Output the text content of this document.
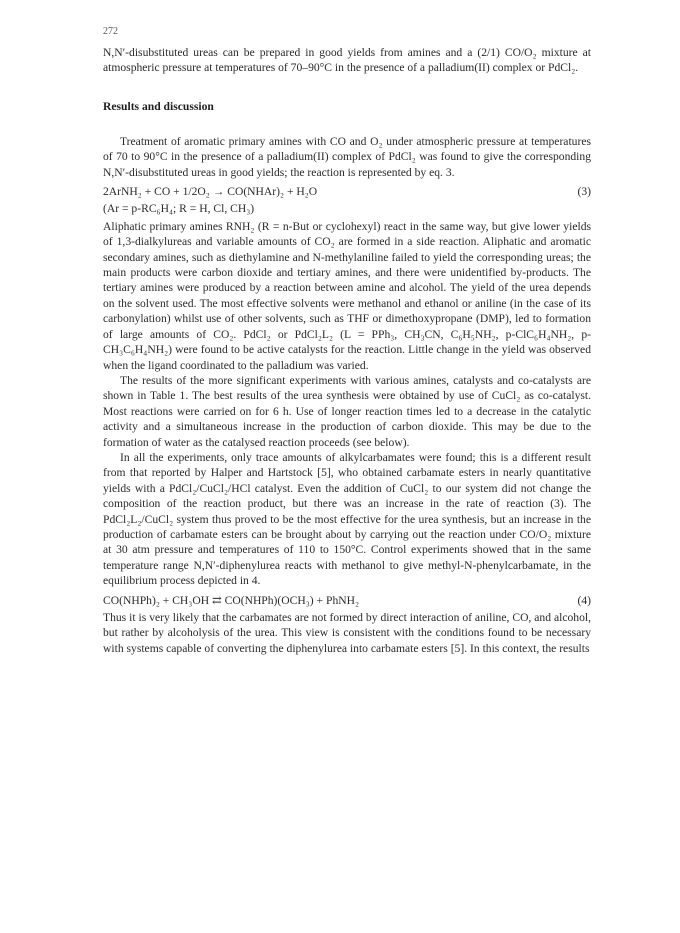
272

N,N′-disubstituted ureas can be prepared in good yields from amines and a (2/1) CO/O₂ mixture at atmospheric pressure at temperatures of 70–90°C in the presence of a palladium(II) complex or PdCl₂.

Results and discussion

Treatment of aromatic primary amines with CO and O₂ under atmospheric pressure at temperatures of 70 to 90°C in the presence of a palladium(II) complex of PdCl₂ was found to give the corresponding N,N′-disubstituted ureas in good yields; the reaction is represented by eq. 3.

2ArNH₂ + CO + 1/2O₂ → CO(NHAr)₂ + H₂O	(3)
(Ar = p-RC₆H₄; R = H, Cl, CH₃)

Aliphatic primary amines RNH₂ (R = n-But or cyclohexyl) react in the same way, but give lower yields of 1,3-dialkylureas and variable amounts of CO₂ are formed in a side reaction. Aliphatic and aromatic secondary amines, such as diethylamine and N-methylaniline failed to yield the corresponding ureas; the main products were carbon dioxide and tertiary amines, and there were unidentified by-products. The tertiary amines were produced by a reaction between amine and alcohol. The yield of the urea depends on the solvent used. The most effective solvents were methanol and ethanol or aniline (in the case of its carbonylation) whilst use of other solvents, such as THF or dimethoxypropane (DMP), led to formation of large amounts of CO₂. PdCl₂ or PdCl₂L₂ (L = PPh₃, CH₃CN, C₆H₅NH₂, p-ClC₆H₄NH₂, p-CH₃C₆H₄NH₂) were found to be active catalysts for the reaction. Little change in the yield was observed when the ligand coordinated to the palladium was varied.

The results of the more significant experiments with various amines, catalysts and co-catalysts are shown in Table 1. The best results of the urea synthesis were obtained by use of CuCl₂ as co-catalyst. Most reactions were carried on for 6 h. Use of longer reaction times led to a decrease in the catalytic activity and a simultaneous increase in the production of carbon dioxide. This may be due to the formation of water as the catalysed reaction proceeds (see below).

In all the experiments, only trace amounts of alkylcarbamates were found; this is a different result from that reported by Halper and Hartstock [5], who obtained carbamate esters in nearly quantitative yields with a PdCl₂/CuCl₂/HCl catalyst. Even the addition of CuCl₂ to our system did not change the composition of the reaction product, but there was an increase in the rate of reaction (3). The PdCl₂L₂/CuCl₂ system thus proved to be the most effective for the urea synthesis, but an increase in the production of carbamate esters can be brought about by carrying out the reaction under CO/O₂ mixture at 30 atm pressure and temperatures of 110 to 150°C. Control experiments showed that in the same temperature range N,N′-diphenylurea reacts with methanol to give methyl-N-phenylcarbamate, in the equilibrium process depicted in 4.

CO(NHPh)₂ + CH₃OH ⇄ CO(NHPh)(OCH₃) + PhNH₂	(4)

Thus it is very likely that the carbamates are not formed by direct interaction of aniline, CO, and alcohol, but rather by alcoholysis of the urea. This view is consistent with the conditions found to be necessary with systems capable of converting the diphenylurea into carbamate esters [5]. In this context, the results
